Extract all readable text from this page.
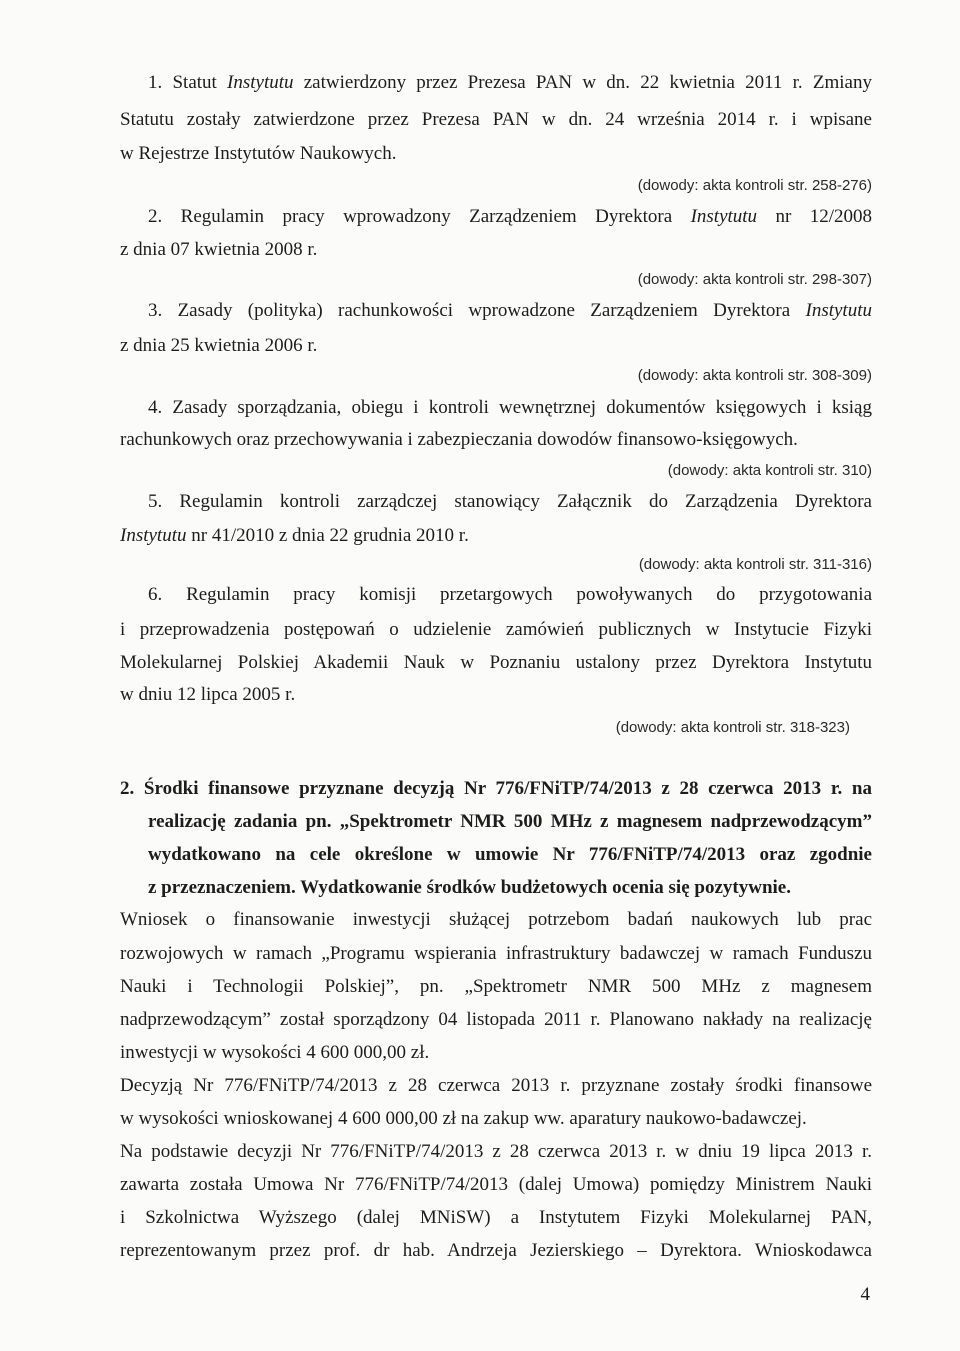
1. Statut Instytutu zatwierdzony przez Prezesa PAN w dn. 22 kwietnia 2011 r. Zmiany
Statutu zostały zatwierdzone przez Prezesa PAN w dn. 24 września 2014 r. i wpisane
w Rejestrze Instytutów Naukowych.
(dowody: akta kontroli str. 258-276)
2. Regulamin pracy wprowadzony Zarządzeniem Dyrektora Instytutu nr 12/2008
z dnia 07 kwietnia 2008 r.
(dowody: akta kontroli str. 298-307)
3. Zasady (polityka) rachunkowości wprowadzone Zarządzeniem Dyrektora Instytutu
z dnia 25 kwietnia 2006 r.
(dowody: akta kontroli str. 308-309)
4. Zasady sporządzania, obiegu i kontroli wewnętrznej dokumentów księgowych i ksiąg
rachunkowych oraz przechowywania i zabezpieczania dowodów finansowo-księgowych.
(dowody: akta kontroli str. 310)
5. Regulamin kontroli zarządczej stanowiący Załącznik do Zarządzenia Dyrektora
Instytutu nr 41/2010 z dnia 22 grudnia 2010 r.
(dowody: akta kontroli str. 311-316)
6. Regulamin pracy komisji przetargowych powoływanych do przygotowania
i przeprowadzenia postępowań o udzielenie zamówień publicznych w Instytucie Fizyki
Molekularnej Polskiej Akademii Nauk w Poznaniu ustalony przez Dyrektora Instytutu
w dniu 12 lipca 2005 r.
(dowody: akta kontroli str. 318-323)
2. Środki finansowe przyznane decyzją Nr 776/FNiTP/74/2013 z 28 czerwca 2013 r. na
realizację zadania pn. „Spektrometr NMR 500 MHz z magnesem nadprzewodzącym”
wydatkowano na cele określone w umowie Nr 776/FNiTP/74/2013 oraz zgodnie
z przeznaczeniem. Wydatkowanie środków budżetowych ocenia się pozytywnie.
Wniosek o finansowanie inwestycji służącej potrzebom badań naukowych lub prac
rozwojowych w ramach „Programu wspierania infrastruktury badawczej w ramach Funduszu
Nauki i Technologii Polskiej”, pn. „Spektrometr NMR 500 MHz z magnesem
nadprzewodzącym” został sporządzony 04 listopada 2011 r. Planowano nakłady na realizację
inwestycji w wysokości 4 600 000,00 zł.
Decyzją Nr 776/FNiTP/74/2013 z 28 czerwca 2013 r. przyznane zostały środki finansowe
w wysokości wnioskowanej 4 600 000,00 zł na zakup ww. aparatury naukowo-badawczej.
Na podstawie decyzji Nr 776/FNiTP/74/2013 z 28 czerwca 2013 r. w dniu 19 lipca 2013 r.
zawarta została Umowa Nr 776/FNiTP/74/2013 (dalej Umowa) pomiędzy Ministrem Nauki
i Szkolnictwa Wyższego (dalej MNiSW) a Instytutem Fizyki Molekularnej PAN,
reprezentowanym przez prof. dr hab. Andrzeja Jezierskiego – Dyrektora. Wnioskodawca
4
